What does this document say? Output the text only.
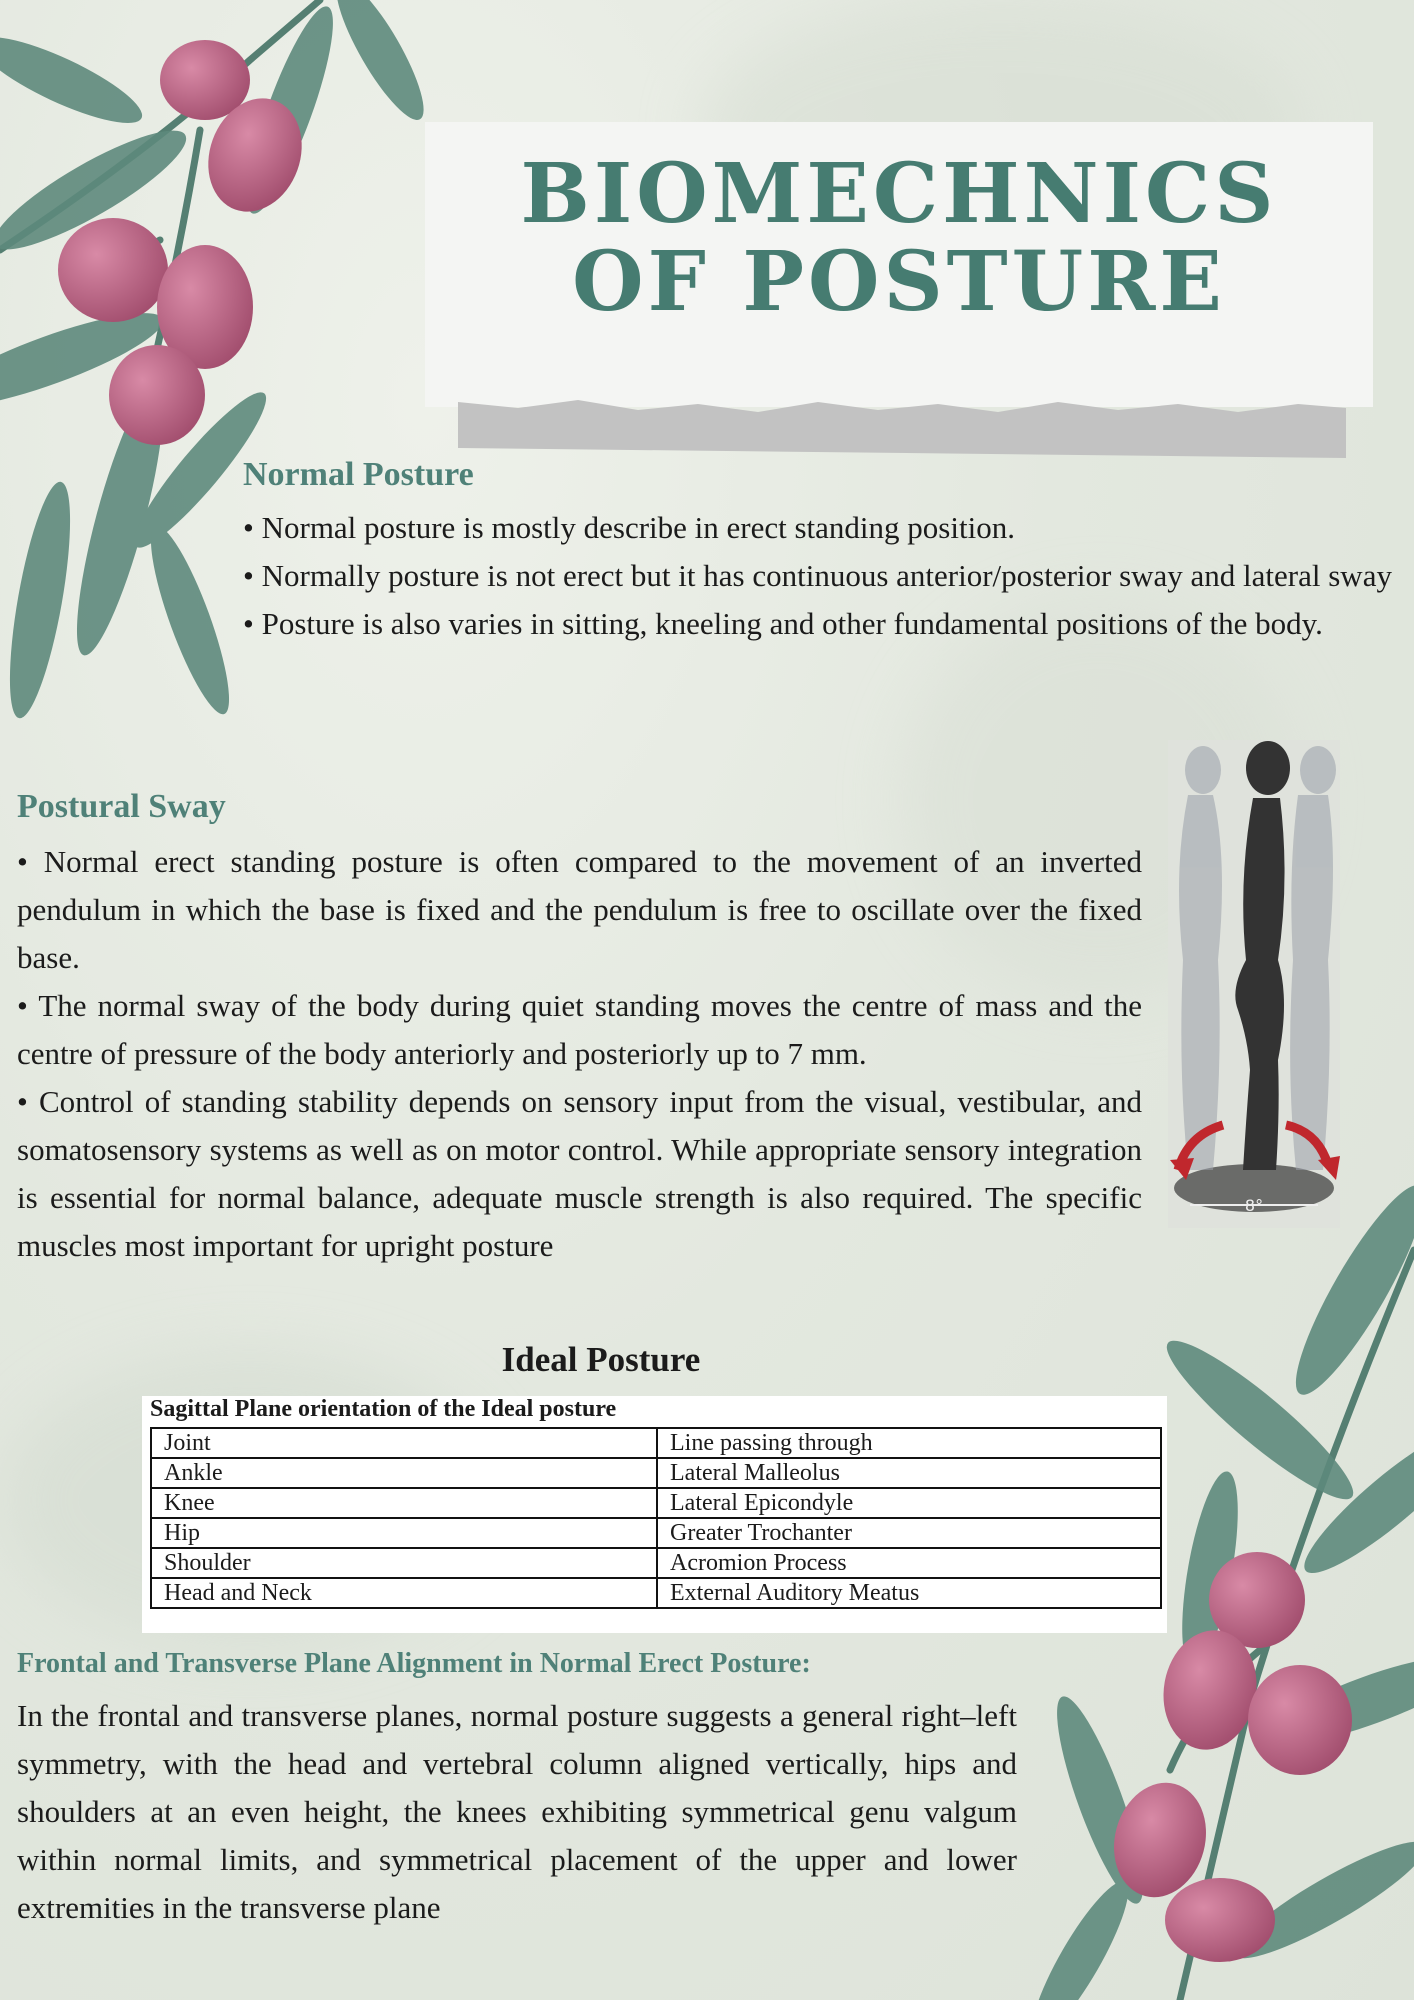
BIOMECHNICS
OF POSTURE
Normal Posture

• Normal posture is mostly describe in erect standing position.

• Normally posture is not erect but it has continuous anterior/posterior sway and lateral sway

• Posture is also varies in sitting, kneeling and other fundamental positions of the body.

Postural Sway

• Normal erect standing posture is often compared to the movement of an inverted pendulum in which the base is fixed and the pendulum is free to oscillate over the fixed base.

• The normal sway of the body during quiet standing moves the centre of mass and the centre of pressure of the body anteriorly and posteriorly up to 7 mm.

• Control of standing stability depends on sensory input from the visual, vestibular, and somatosensory systems as well as on motor control. While appropriate sensory integration is essential for normal balance, adequate muscle strength is also required. The specific muscles most important for upright posture

8°
Ideal Posture

Sagittal Plane orientation of the Ideal posture

Joint	Line passing through
Ankle	Lateral Malleolus
Knee	Lateral Epicondyle
Hip	Greater Trochanter
Shoulder	Acromion Process
Head and Neck	External Auditory Meatus
Frontal and Transverse Plane Alignment in Normal Erect Posture:

In the frontal and transverse planes, normal posture suggests a general right–left symmetry, with the head and vertebral column aligned vertically, hips and shoulders at an even height, the knees exhibiting symmetrical genu valgum within normal limits, and symmetrical placement of the upper and lower extremities in the transverse plane
